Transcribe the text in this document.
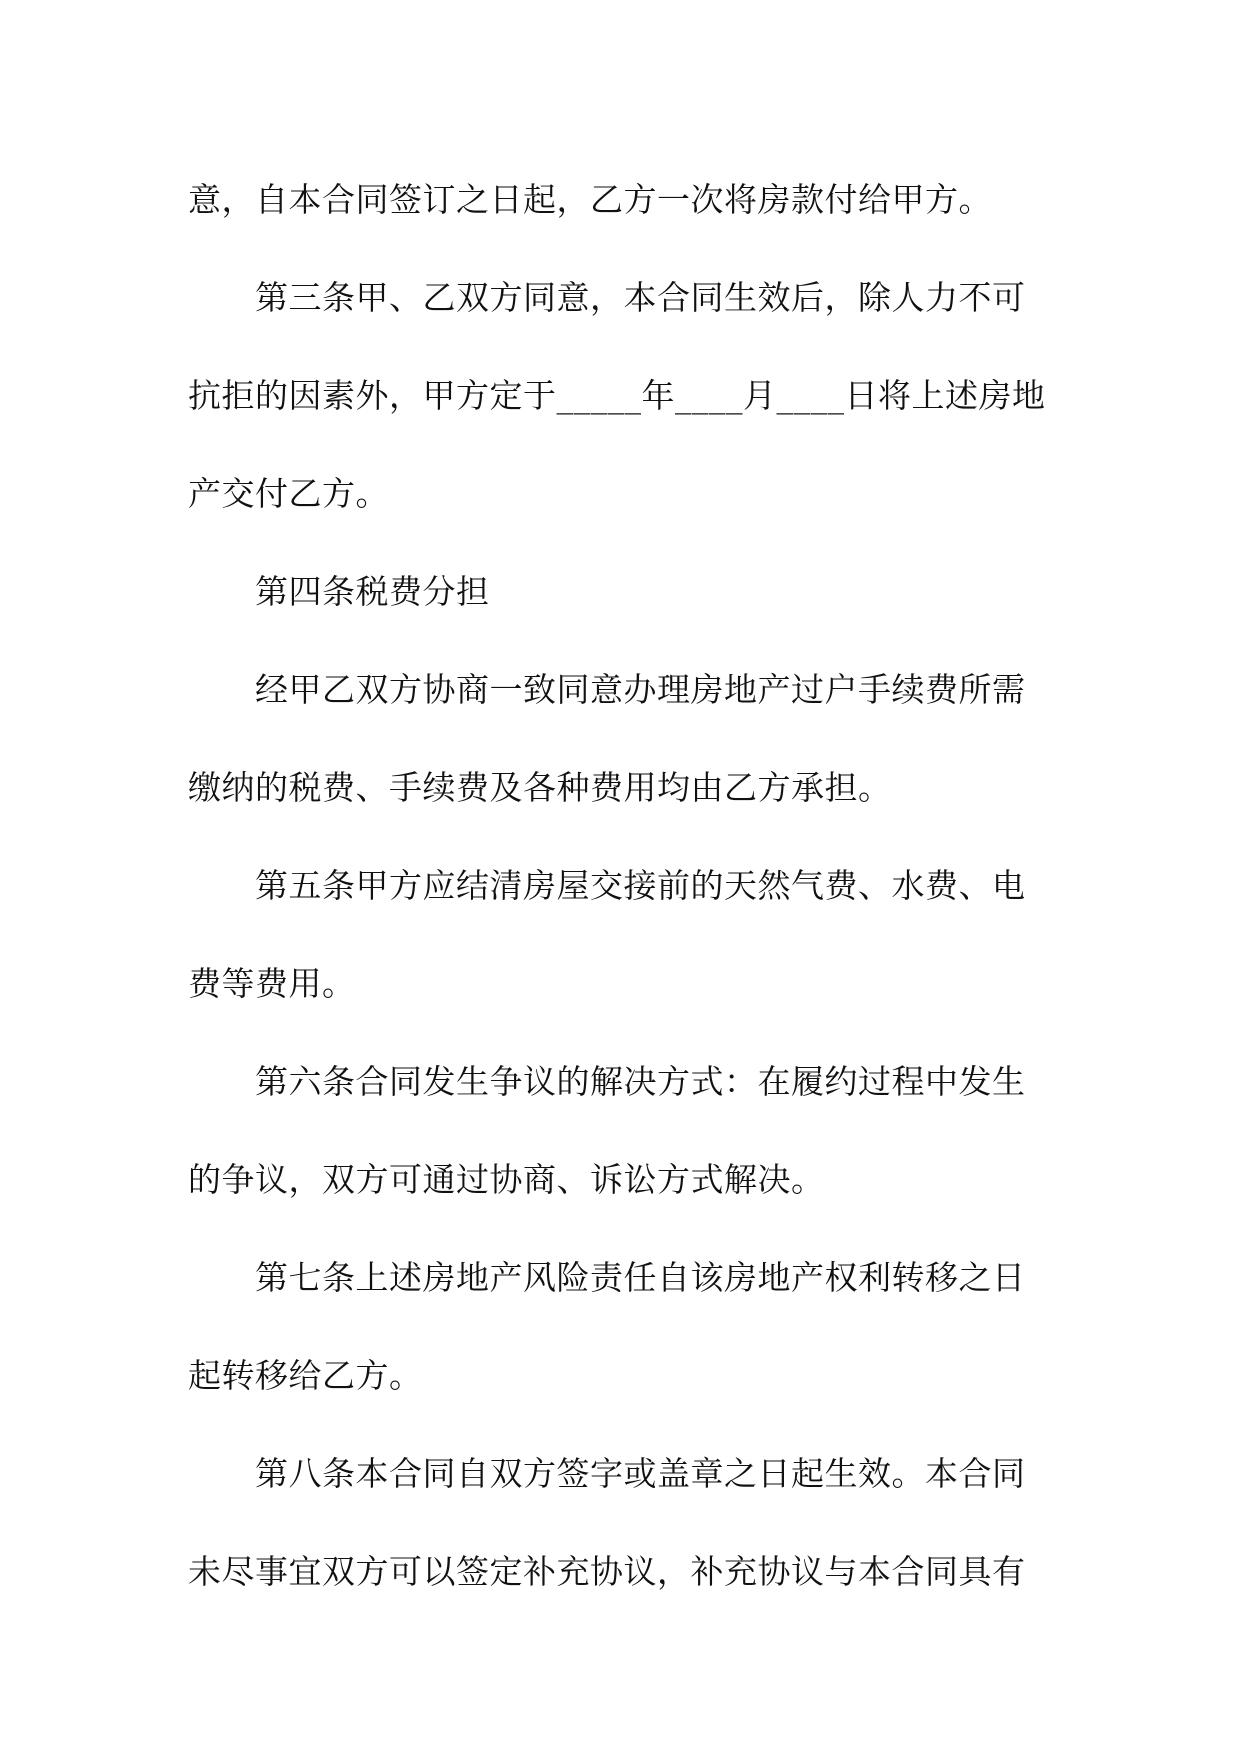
意，自本合同签订之日起，乙方一次将房款付给甲方。
第三条甲、乙双方同意，本合同生效后，除人力不可
抗拒的因素外，甲方定于_____年____月____日将上述房地
产交付乙方。
第四条税费分担
经甲乙双方协商一致同意办理房地产过户手续费所需
缴纳的税费、手续费及各种费用均由乙方承担。
第五条甲方应结清房屋交接前的天然气费、水费、电
费等费用。
第六条合同发生争议的解决方式：在履约过程中发生
的争议，双方可通过协商、诉讼方式解决。
第七条上述房地产风险责任自该房地产权利转移之日
起转移给乙方。
第八条本合同自双方签字或盖章之日起生效。本合同
未尽事宜双方可以签定补充协议，补充协议与本合同具有
